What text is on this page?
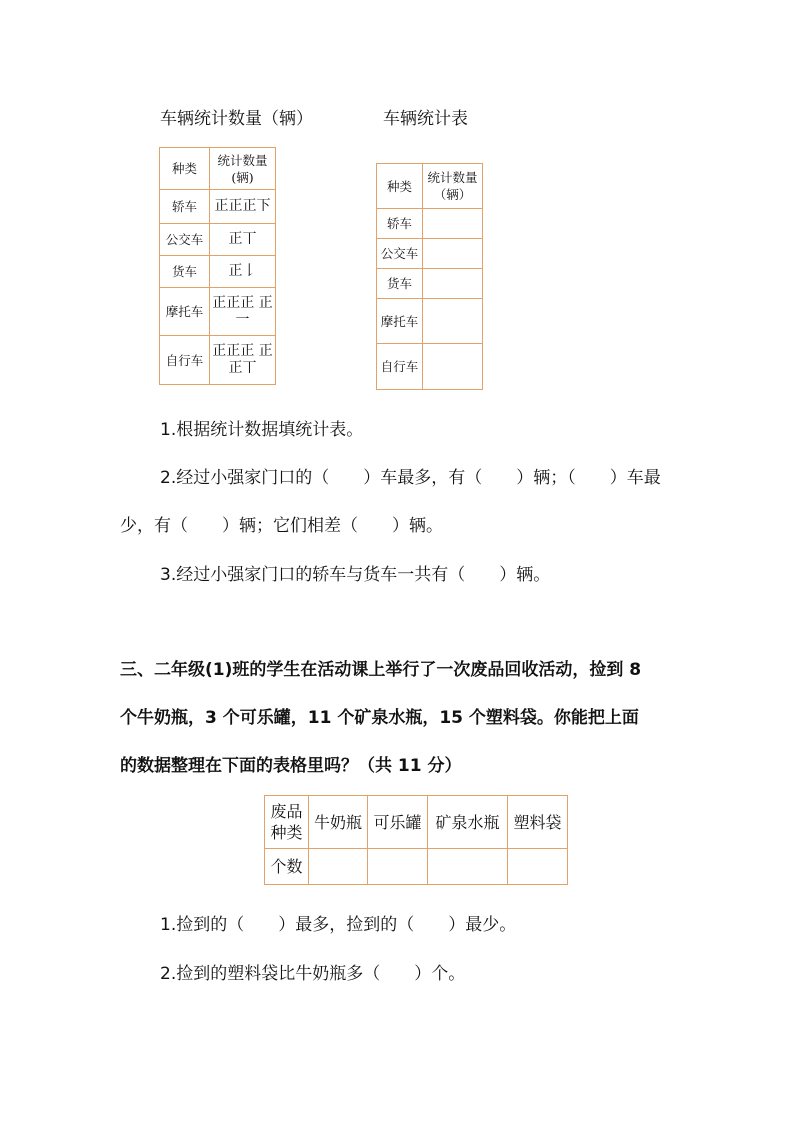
车辆统计数量（辆）	车辆统计表
种类	统计数量(辆)
轿车	正正正下
公交车	正丅
货车	正𠄌
摩托车	正正正 正一
自行车	正正正 正正丅
种类	统计数量（辆）
轿车	
公交车	
货车	
摩托车	
自行车	
1.根据统计数据填统计表。
2.经过小强家门口的（　　）车最多，有（　　）辆；（　　）车最
少，有（　　）辆；它们相差（　　）辆。
3.经过小强家门口的轿车与货车一共有（　　）辆。
三、二年级(1)班的学生在活动课上举行了一次废品回收活动，捡到 8
个牛奶瓶，3 个可乐罐，11 个矿泉水瓶，15 个塑料袋。你能把上面
的数据整理在下面的表格里吗？（共 11 分）
废品种类	牛奶瓶	可乐罐	矿泉水瓶	塑料袋
个数				
1.捡到的（　　）最多，捡到的（　　）最少。
2.捡到的塑料袋比牛奶瓶多（　　）个。
